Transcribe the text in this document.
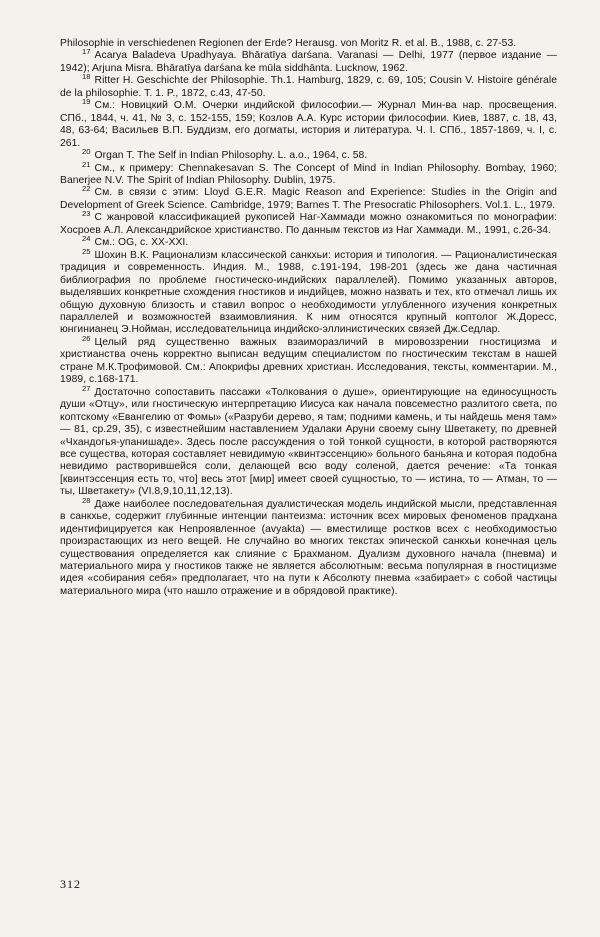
Philosophie in verschiedenen Regionen der Erde? Herausg. von Moritz R. et al. B., 1988, c. 27-53.

$^{17}$ Acarya Baladeva Upadhyaya. Bhāratīya darśana. Varanasi — Delhi, 1977 (первое издание — 1942); Arjuna Misra. Bhāratīya darśana ke mūla siddhānta. Lucknow, 1962.

$^{18}$ Ritter H. Geschichte der Philosophie. Th.1. Hamburg, 1829, c. 69, 105; Cousin V. Histoire générale de la philosophie. T. 1. P., 1872, c.43, 47-50.

$^{19}$ См.: Новицкий О.М. Очерки индийской философии.— Журнал Мин-ва нар. просвещения. СПб., 1844, ч. 41, № 3, с. 152-155, 159; Козлов А.А. Курс истории философии. Киев, 1887, с. 18, 43, 48, 63-64; Васильев В.П. Буддизм, его догматы, история и литература. Ч. I. СПб., 1857-1869, ч. I, с. 261.

$^{20}$ Organ T. The Self in Indian Philosophy. L. a.o., 1964, c. 58.

$^{21}$ См., к примеру: Chennakesavan S. The Concept of Mind in Indian Philosophy. Bombay, 1960; Banerjee N.V. The Spirit of Indian Philosophy. Dublin, 1975.

$^{22}$ См. в связи с этим: Lloyd G.E.R. Magic Reason and Experience: Studies in the Origin and Development of Greek Science. Cambridge, 1979; Barnes T. The Presocratic Philosophers. Vol.1. L., 1979.

$^{23}$ С жанровой классификацией рукописей Наг-Хаммади можно ознакомиться по монографии: Хосроев А.Л. Александрийское христианство. По данным текстов из Наг Хаммади. М., 1991, с.26-34.

$^{24}$ См.: OG, с. XX-XXI.

$^{25}$ Шохин В.К. Рационализм классической санкхьи: история и типология. — Рационалистическая традиция и современность. Индия. М., 1988, с.191-194, 198-201 (здесь же дана частичная библиография по проблеме гностическо-индийских параллелей). Помимо указанных авторов, выделявших конкретные схождения гностиков и индийцев, можно назвать и тех, кто отмечал лишь их общую духовную близость и ставил вопрос о необходимости углубленного изучения конкретных параллелей и возможностей взаимовлияния. К ним относятся крупный коптолог Ж.Доресс, юнгинианец Э.Нойман, исследовательница индийско-эллинистических связей Дж.Седлар.

$^{26}$ Целый ряд существенно важных взаиморазличий в мировоззрении гностицизма и христианства очень корректно выписан ведущим специалистом по гностическим текстам в нашей стране М.К.Трофимовой. См.: Апокрифы древних христиан. Исследования, тексты, комментарии. М., 1989, с.168-171.

$^{27}$ Достаточно сопоставить пассажи «Толкования о душе», ориентирующие на единосущность души «Отцу», или гностическую интерпретацию Иисуса как начала повсеместно разлитого света, по коптскому «Евангелию от Фомы» («Разруби дерево, я там; подними камень, и ты найдешь меня там» — 81, ср.29, 35), с известнейшим наставлением Удалаки Аруни своему сыну Шветакету, по древней «Чхандогья-упанишаде». Здесь после рассуждения о той тонкой сущности, в которой растворяются все существа, которая составляет невидимую «квинтэссенцию» больного баньяна и которая подобна невидимо растворившейся соли, делающей всю воду соленой, дается речение: «Та тонкая [квинтэссенция есть то, что] весь этот [мир] имеет своей сущностью, то — истина, то — Атман, то — ты, Шветакету» (VI.8,9,10,11,12,13).

$^{28}$ Даже наиболее последовательная дуалистическая модель индийской мысли, представленная в санкхье, содержит глубинные интенции пантеизма: источник всех мировых феноменов прадхана идентифицируется как Непроявленное (avyakta) — вместилище ростков всех с необходимостью произрастающих из него вещей. Не случайно во многих текстах эпической санкхьи конечная цель существования определяется как слияние с Брахманом. Дуализм духовного начала (пневма) и материального мира у гностиков также не является абсолютным: весьма популярная в гностицизме идея «собирания себя» предполагает, что на пути к Абсолюту пневма «забирает» с собой частицы материального мира (что нашло отражение и в обрядовой практике).

312
